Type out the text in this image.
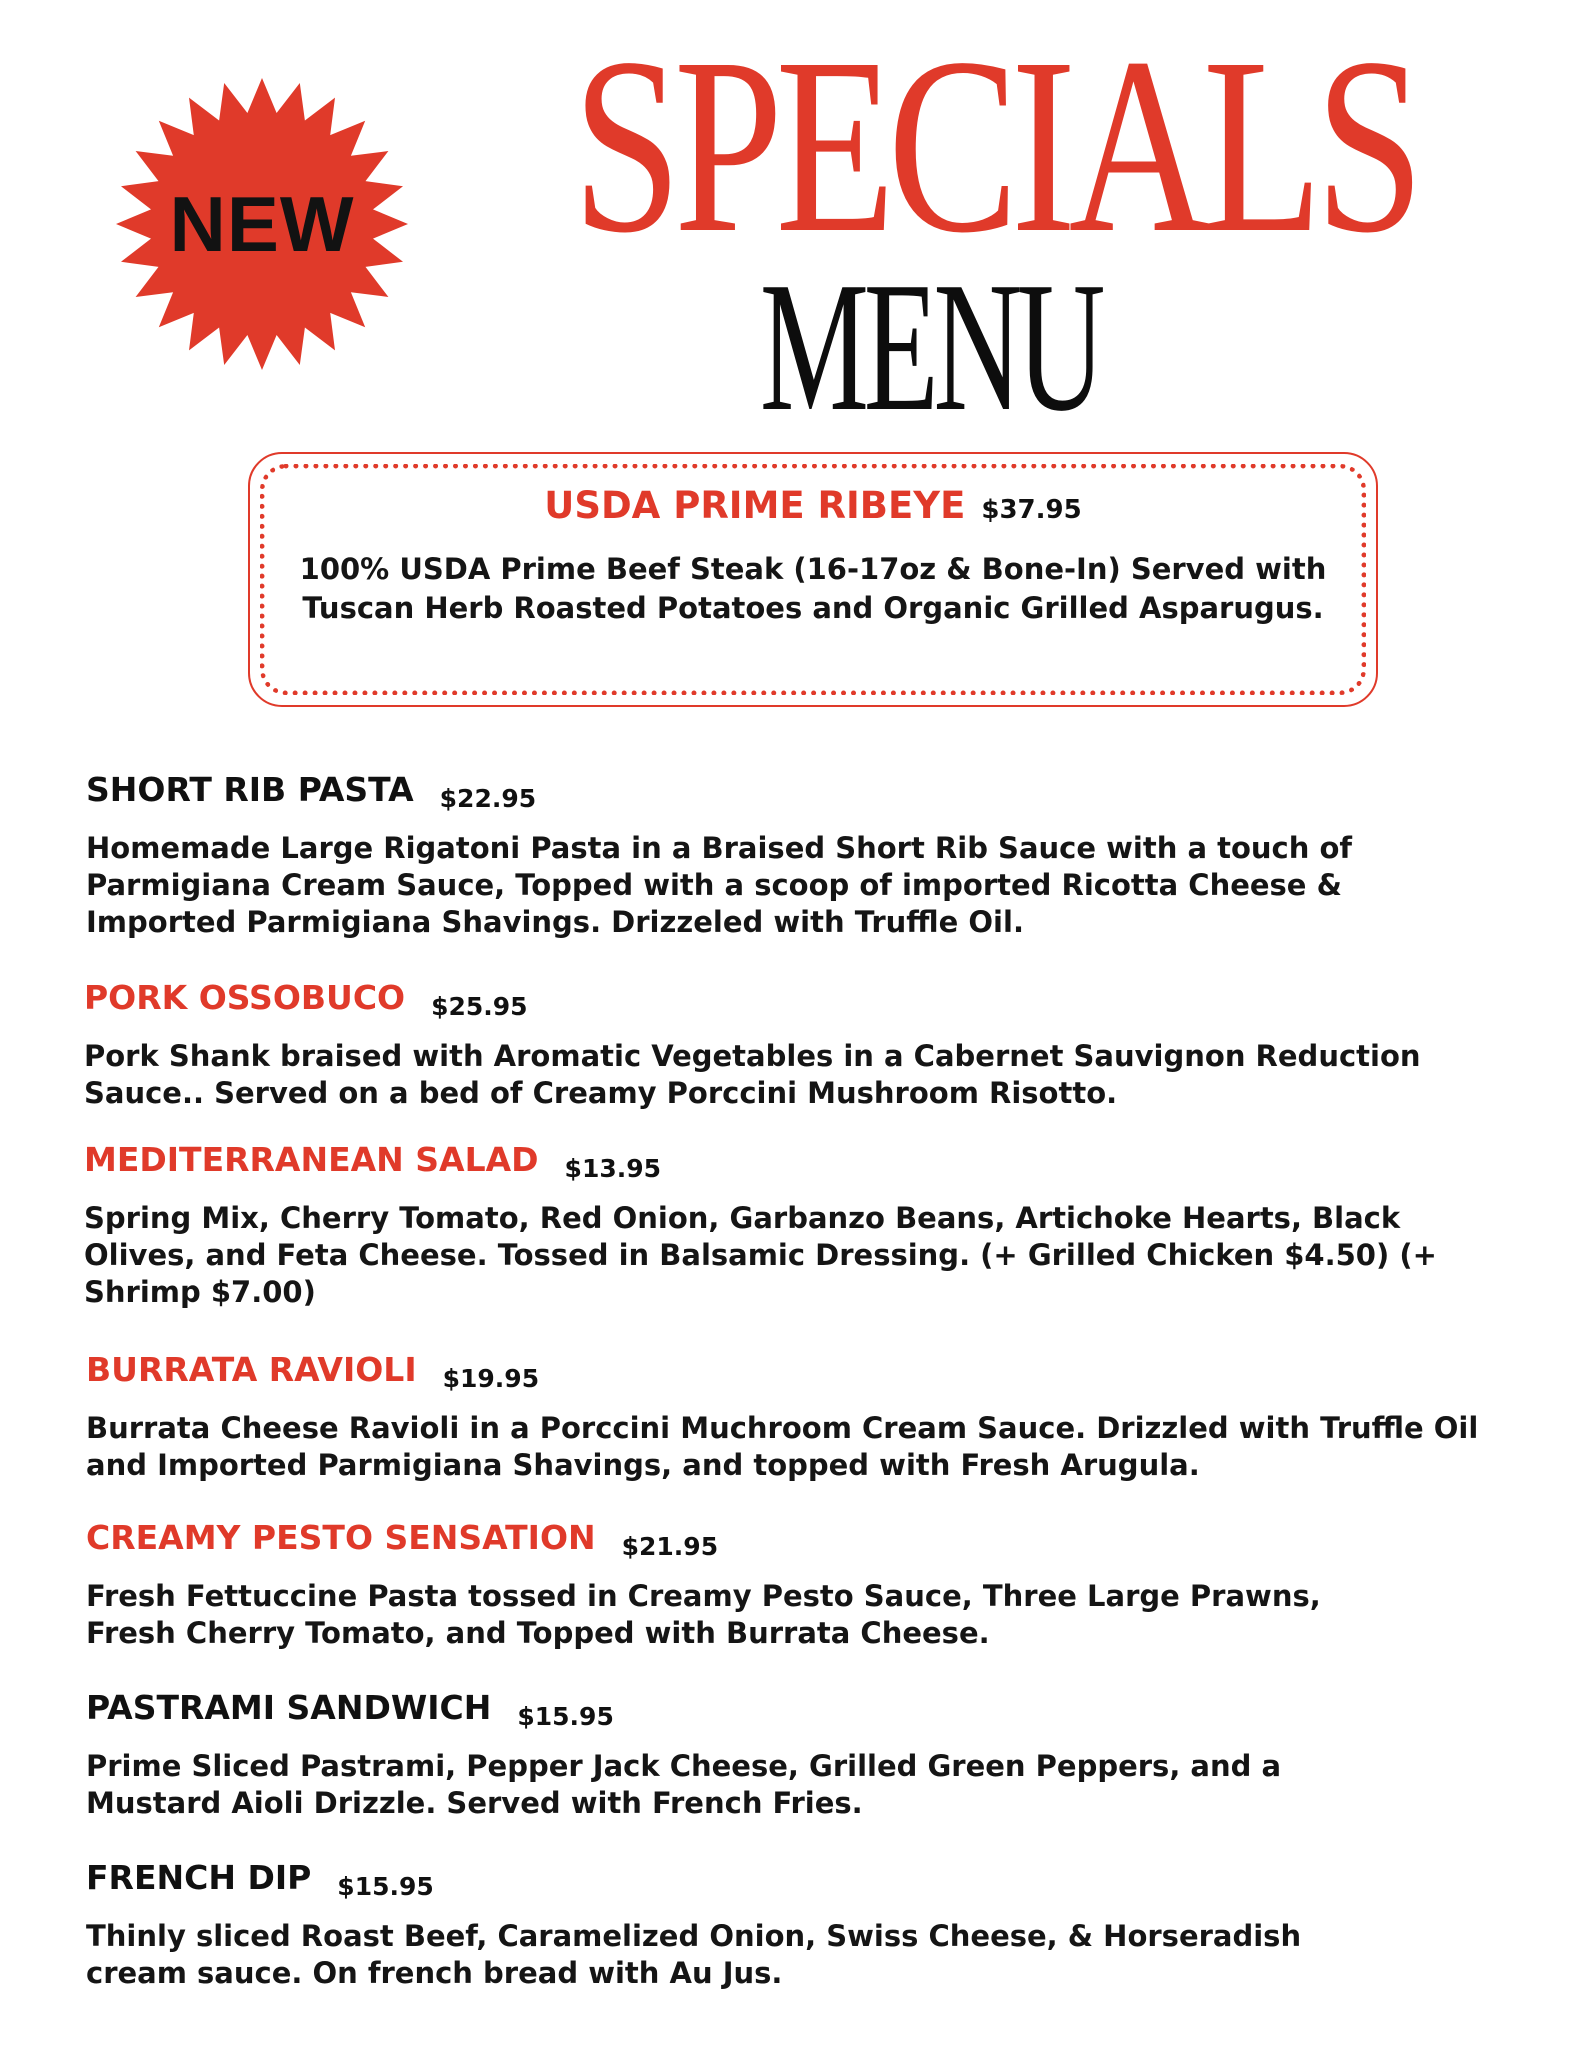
NEW SPECIALS
MENU
USDA PRIME RIBEYE $37.95
100% USDA Prime Beef Steak (16-17oz & Bone-In) Served with Tuscan Herb Roasted Potatoes and Organic Grilled Asparugus.
SHORT RIB PASTA $22.95
Homemade Large Rigatoni Pasta in a Braised Short Rib Sauce with a touch of Parmigiana Cream Sauce, Topped with a scoop of imported Ricotta Cheese & Imported Parmigiana Shavings. Drizzeled with Truffle Oil.
PORK OSSOBUCO $25.95
Pork Shank braised with Aromatic Vegetables in a Cabernet Sauvignon Reduction Sauce.. Served on a bed of Creamy Porccini Mushroom Risotto.
MEDITERRANEAN SALAD $13.95
Spring Mix, Cherry Tomato, Red Onion, Garbanzo Beans, Artichoke Hearts, Black Olives, and Feta Cheese. Tossed in Balsamic Dressing. (+ Grilled Chicken $4.50) (+ Shrimp $7.00)
BURRATA RAVIOLI $19.95
Burrata Cheese Ravioli in a Porccini Muchroom Cream Sauce. Drizzled with Truffle Oil and Imported Parmigiana Shavings, and topped with Fresh Arugula.
CREAMY PESTO SENSATION $21.95
Fresh Fettuccine Pasta tossed in Creamy Pesto Sauce, Three Large Prawns, Fresh Cherry Tomato, and Topped with Burrata Cheese.
PASTRAMI SANDWICH $15.95
Prime Sliced Pastrami, Pepper Jack Cheese, Grilled Green Peppers, and a Mustard Aioli Drizzle. Served with French Fries.
FRENCH DIP $15.95
Thinly sliced Roast Beef, Caramelized Onion, Swiss Cheese, & Horseradish cream sauce. On french bread with Au Jus.
